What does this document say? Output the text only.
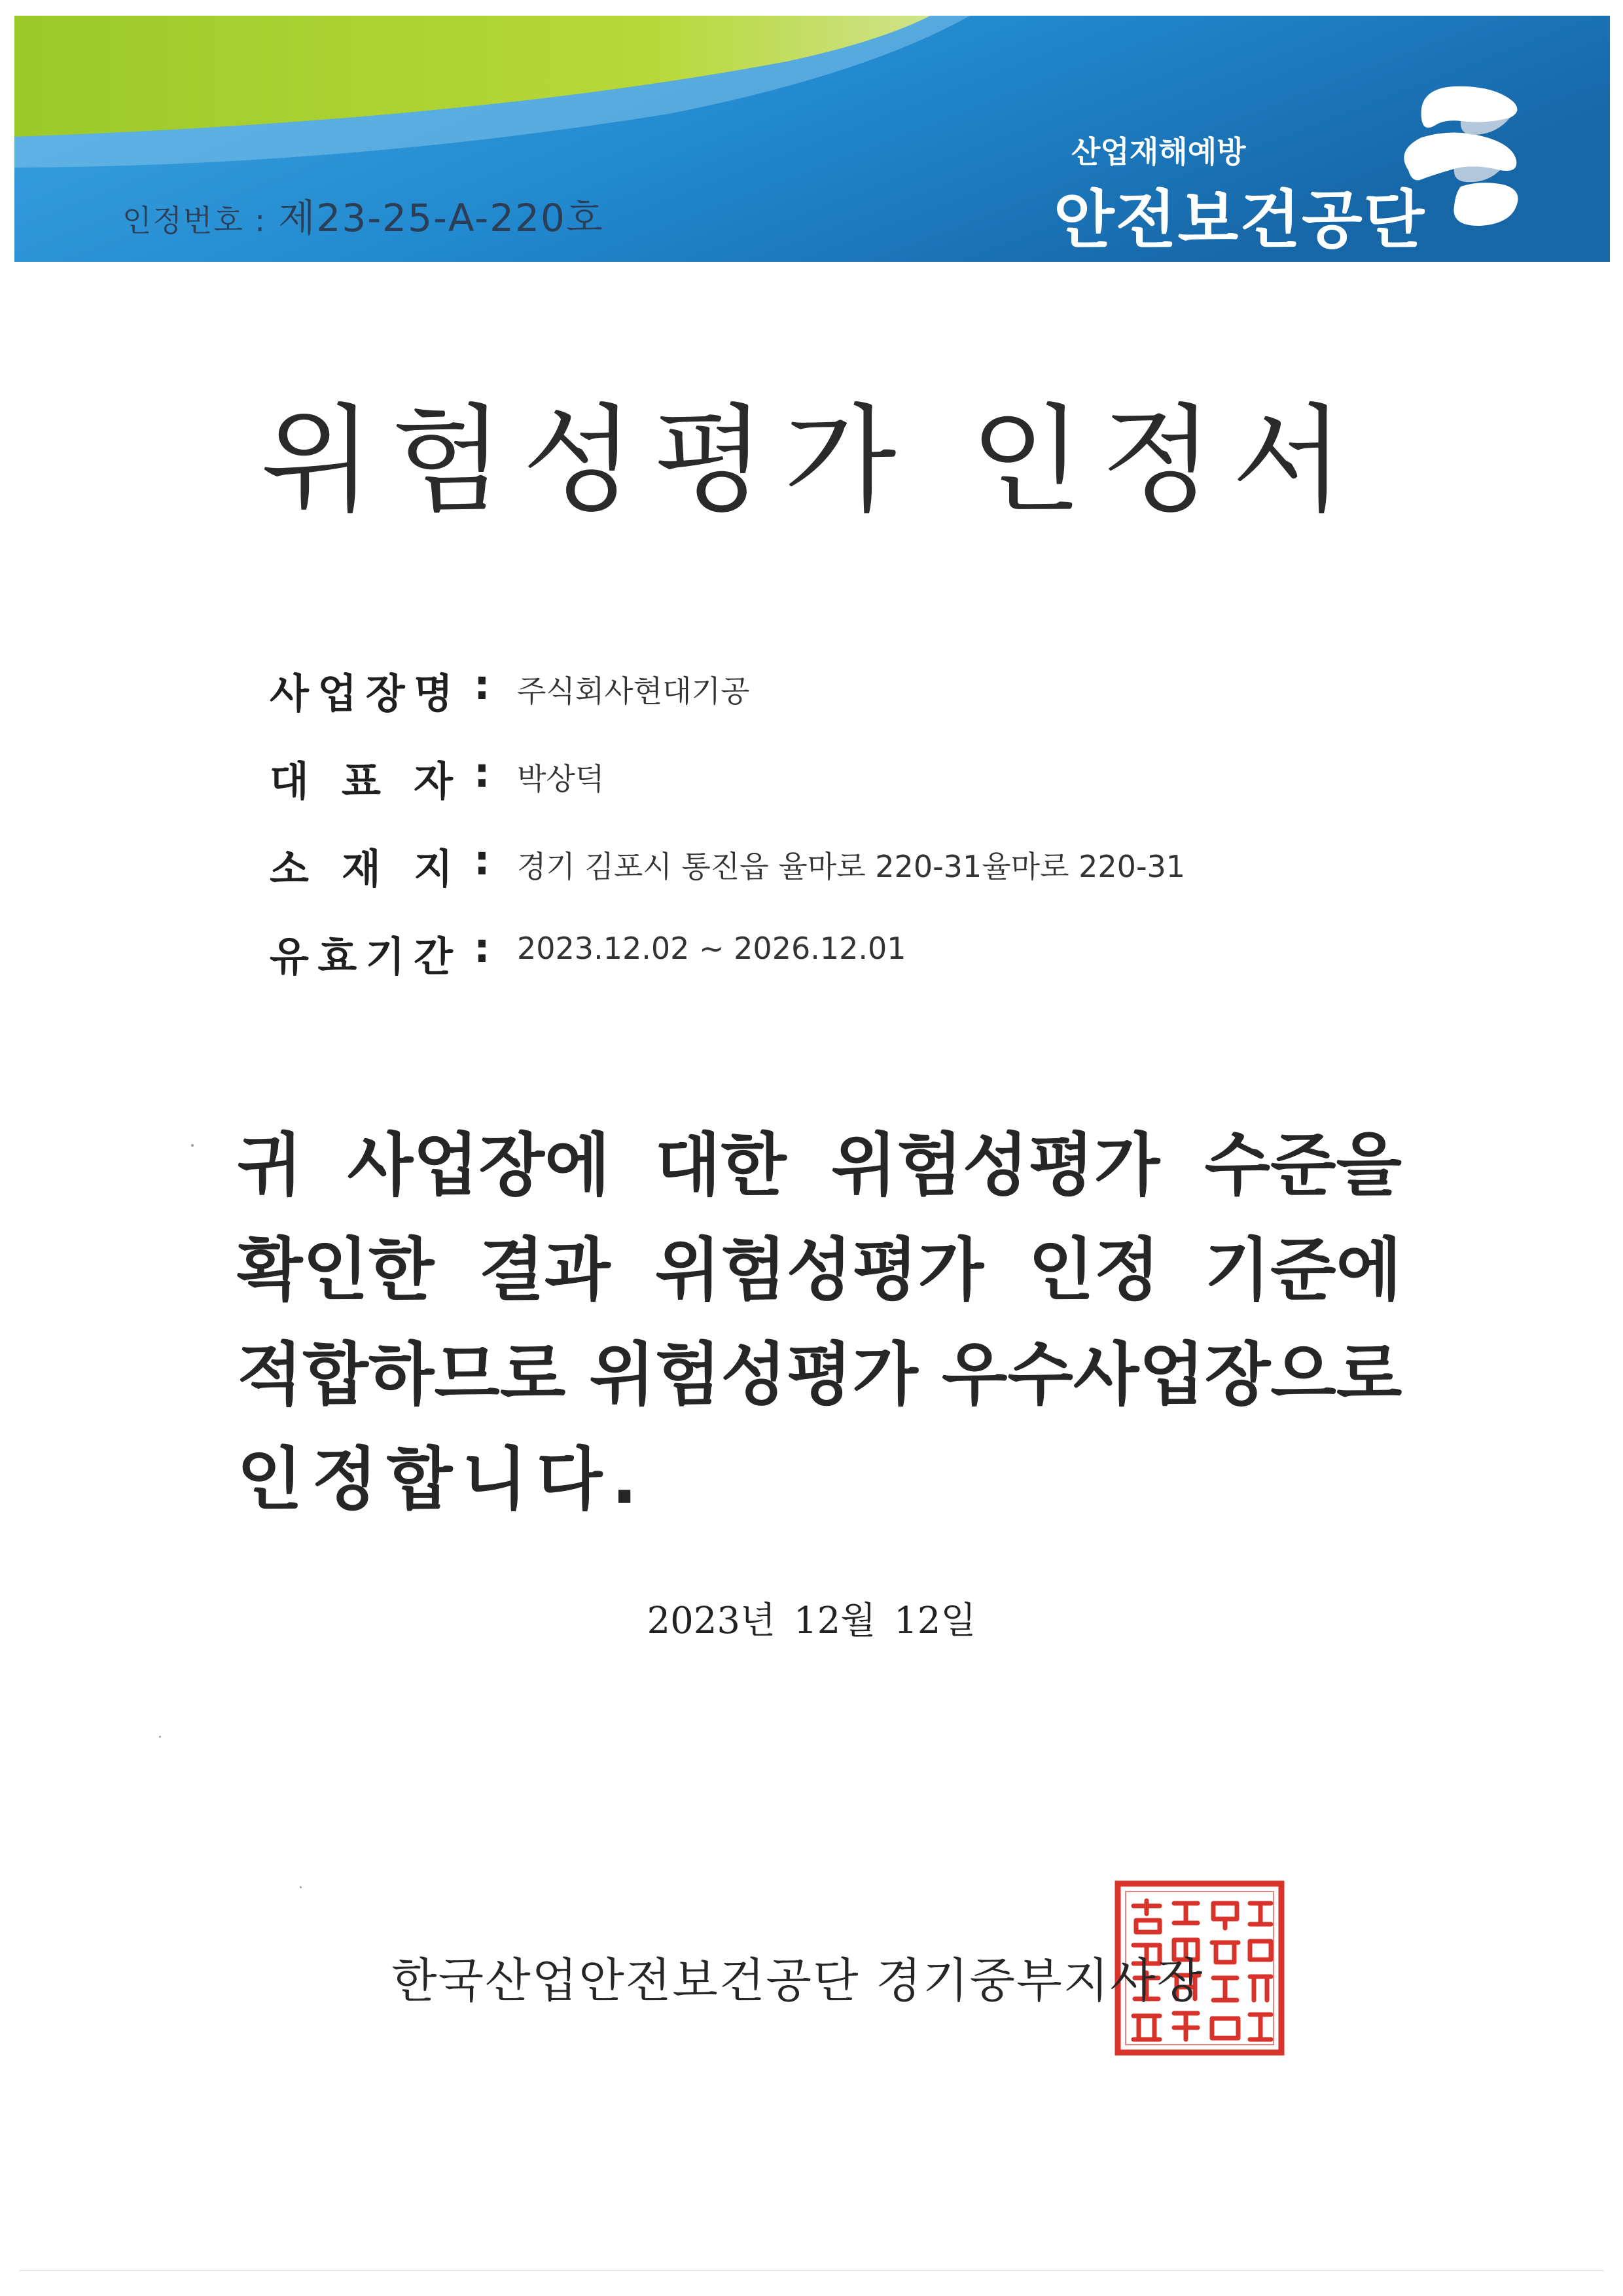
인정번호 : 제23-25-A-220호
산업재해예방
안전보건공단
위험성평가 인정서
사 업 장 명 : 주식회사현대기공
대 표 자 : 박상덕
소 재 지 : 경기 김포시 통진읍 율마로 220-31율마로 220-31
유 효 기 간 : 2023.12.02 ~ 2026.12.01
귀 사업장에 대한 위험성평가 수준을
확인한 결과 위험성평가 인정 기준에
적합하므로 위험성평가 우수사업장으로
인정합니다.
2023년 12월 12일
한국산업안전보건공단 경기중부지사장
